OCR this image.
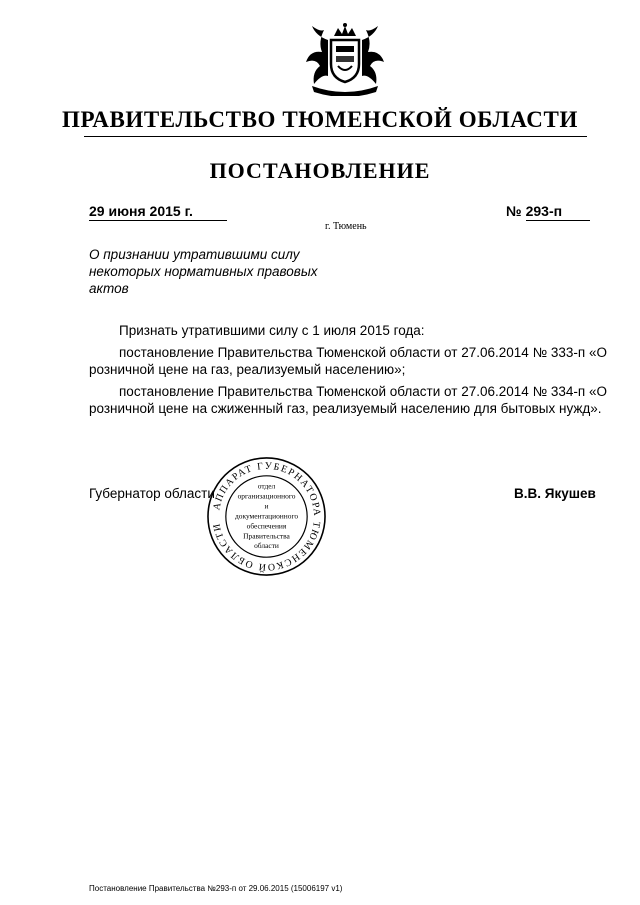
ПРАВИТЕЛЬСТВО ТЮМЕНСКОЙ ОБЛАСТИ
ПОСТАНОВЛЕНИЕ
29 июня 2015 г.	№ 293-п
г. Тюмень
О признании утратившими силу некоторых нормативных правовых актов

Признать утратившими силу с 1 июля 2015 года:

постановление Правительства Тюменской области от 27.06.2014 № 333-п «О розничной цене на газ, реализуемый населению»;

постановление Правительства Тюменской области от 27.06.2014 № 334-п «О розничной цене на сжиженный газ, реализуемый населению для бытовых нужд».

Губернатор области	В.В. Якушев
АППАРАТ ГУБЕРНАТОРА ТЮМЕНСКОЙ ОБЛАСТИ
отдел
организационного
и
документационного
обеспечения
Правительства
области
Постановление Правительства №293-п от 29.06.2015 (15006197 v1)
